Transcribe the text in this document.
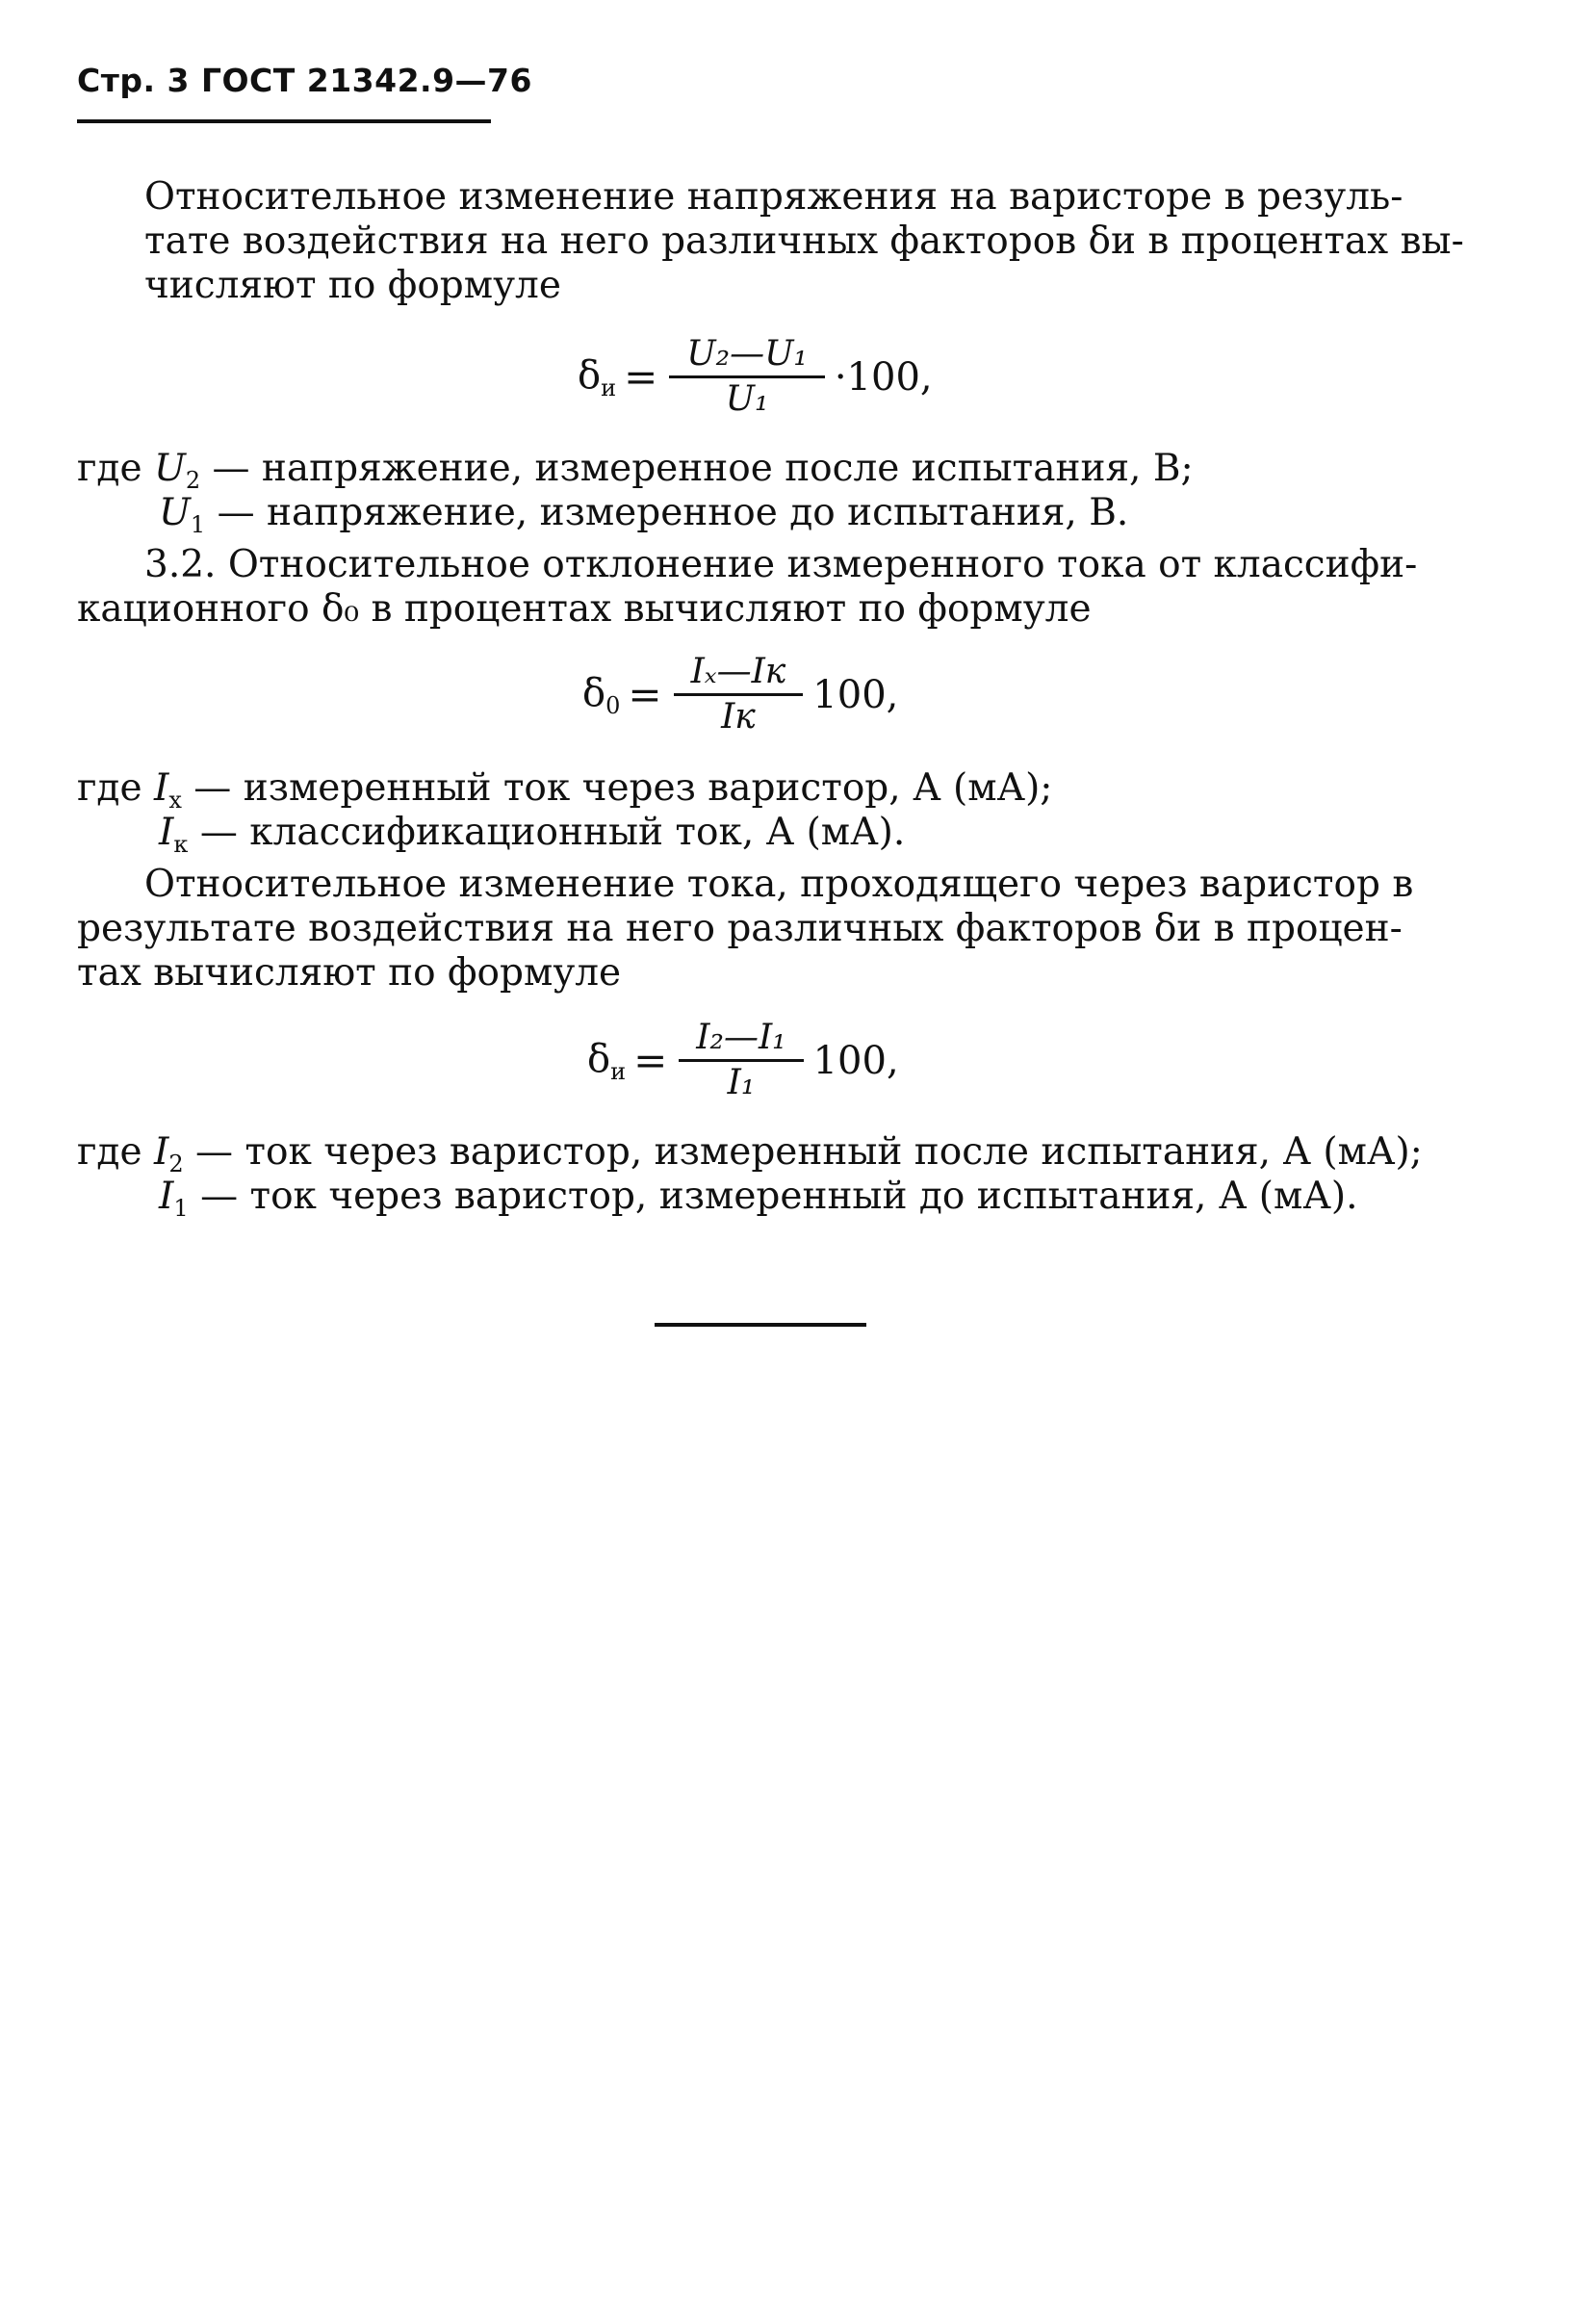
Стр. 3 ГОСТ 21342.9—76
Относительное изменение напряжения на варисторе в резуль-
тате воздействия на него различных факторов δи в процентах вы-
числяют по формуле
$\delta_и = \frac{\text{U₂—U₁}}{\text{U₁}} \cdot 100$,
где $U_2$ — напряжение, измеренное после испытания, В;
$U_1$ — напряжение, измеренное до испытания, В.
3.2. Относительное отклонение измеренного тока от классифи-
кационного δ₀ в процентах вычисляют по формуле
$\delta_0 = \frac{\text{Iₓ—Iк}}{Iк} 100$,
где $I_x$ — измеренный ток через варистор, А (мА);
$I_к$ — классификационный ток, А (мА).
Относительное изменение тока, проходящего через варистор в
результате воздействия на него различных факторов δи в процен-
тах вычисляют по формуле
$\delta_и = \frac{\text{I₂—I₁}}{\text{I₁}} 100$,
где $I_2$ — ток через варистор, измеренный после испытания, А (мА);
$I_1$ — ток через варистор, измеренный до испытания, А (мА).
